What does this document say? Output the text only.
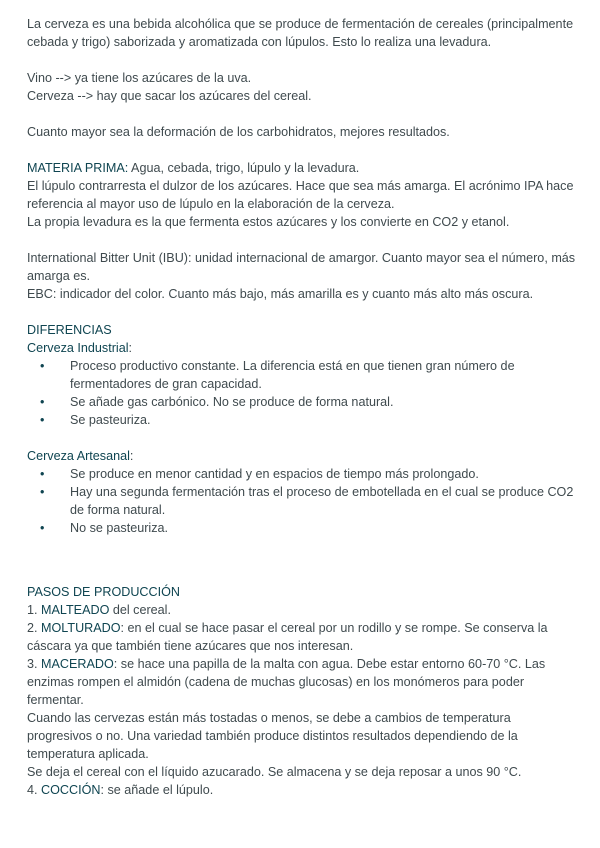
La cerveza es una bebida alcohólica que se produce de fermentación de cereales (principalmente cebada y trigo) saborizada y aromatizada con lúpulos. Esto lo realiza una levadura.

Vino --> ya tiene los azúcares de la uva.

Cerveza --> hay que sacar los azúcares del cereal.

Cuanto mayor sea la deformación de los carbohidratos, mejores resultados.

MATERIA PRIMA: Agua, cebada, trigo, lúpulo y la levadura.

El lúpulo contrarresta el dulzor de los azúcares. Hace que sea más amarga. El acrónimo IPA hace referencia al mayor uso de lúpulo en la elaboración de la cerveza.

La propia levadura es la que fermenta estos azúcares y los convierte en CO2 y etanol.

International Bitter Unit (IBU): unidad internacional de amargor. Cuanto mayor sea el número, más amarga es.

EBC: indicador del color. Cuanto más bajo, más amarilla es y cuanto más alto más oscura.

DIFERENCIAS

Cerveza Industrial:

• Proceso productivo constante. La diferencia está en que tienen gran número de fermentadores de gran capacidad.
• Se añade gas carbónico. No se produce de forma natural.
• Se pasteuriza.

Cerveza Artesanal:

• Se produce en menor cantidad y en espacios de tiempo más prolongado.
• Hay una segunda fermentación tras el proceso de embotellada en el cual se produce CO2 de forma natural.
• No se pasteuriza.

PASOS DE PRODUCCIÓN

1. MALTEADO del cereal.

2. MOLTURADO: en el cual se hace pasar el cereal por un rodillo y se rompe. Se conserva la cáscara ya que también tiene azúcares que nos interesan.

3. MACERADO: se hace una papilla de la malta con agua. Debe estar entorno 60-70 °C. Las enzimas rompen el almidón (cadena de muchas glucosas) en los monómeros para poder fermentar.

Cuando las cervezas están más tostadas o menos, se debe a cambios de temperatura progresivos o no. Una variedad también produce distintos resultados dependiendo de la temperatura aplicada.

Se deja el cereal con el líquido azucarado. Se almacena y se deja reposar a unos 90 °C.

4. COCCIÓN: se añade el lúpulo.
